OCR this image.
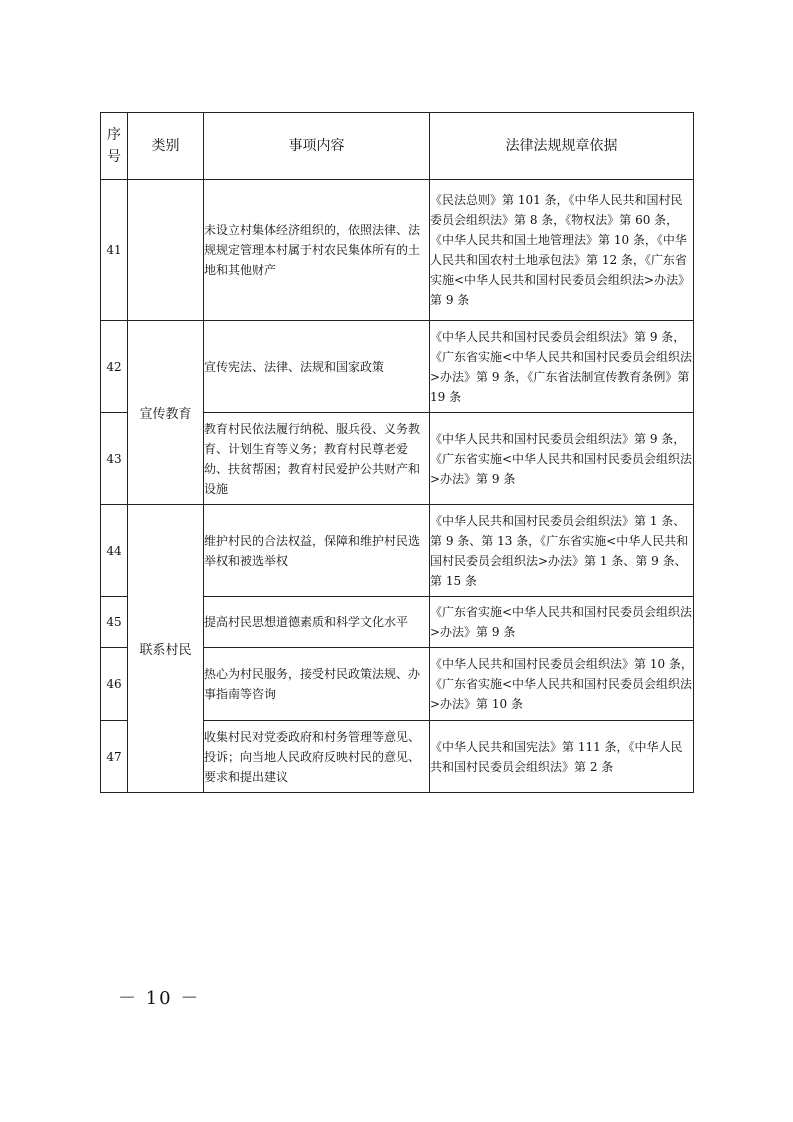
序号	类别	事项内容	法律法规规章依据
41		未设立村集体经济组织的，依照法律、法规规定管理本村属于村农民集体所有的土地和其他财产	《民法总则》第 101 条，《中华人民共和国村民委员会组织法》第 8 条，《物权法》第 60 条，《中华人民共和国土地管理法》第 10 条，《中华人民共和国农村土地承包法》第 12 条，《广东省实施<中华人民共和国村民委员会组织法>办法》第 9 条
42	宣传教育	宣传宪法、法律、法规和国家政策	《中华人民共和国村民委员会组织法》第 9 条，《广东省实施<中华人民共和国村民委员会组织法>办法》第 9 条，《广东省法制宣传教育条例》第 19 条
43		教育村民依法履行纳税、服兵役、义务教育、计划生育等义务；教育村民尊老爱幼、扶贫帮困；教育村民爱护公共财产和设施	《中华人民共和国村民委员会组织法》第 9 条，《广东省实施<中华人民共和国村民委员会组织法>办法》第 9 条
44	联系村民	维护村民的合法权益，保障和维护村民选举权和被选举权	《中华人民共和国村民委员会组织法》第 1 条、第 9 条、第 13 条，《广东省实施<中华人民共和国村民委员会组织法>办法》第 1 条、第 9 条、第 15 条
45		提高村民思想道德素质和科学文化水平	《广东省实施<中华人民共和国村民委员会组织法>办法》第 9 条
46		热心为村民服务，接受村民政策法规、办事指南等咨询	《中华人民共和国村民委员会组织法》第 10 条，《广东省实施<中华人民共和国村民委员会组织法>办法》第 10 条
47		收集村民对党委政府和村务管理等意见、投诉；向当地人民政府反映村民的意见、要求和提出建议	《中华人民共和国宪法》第 111 条，《中华人民共和国村民委员会组织法》第 2 条
－ 10 －
